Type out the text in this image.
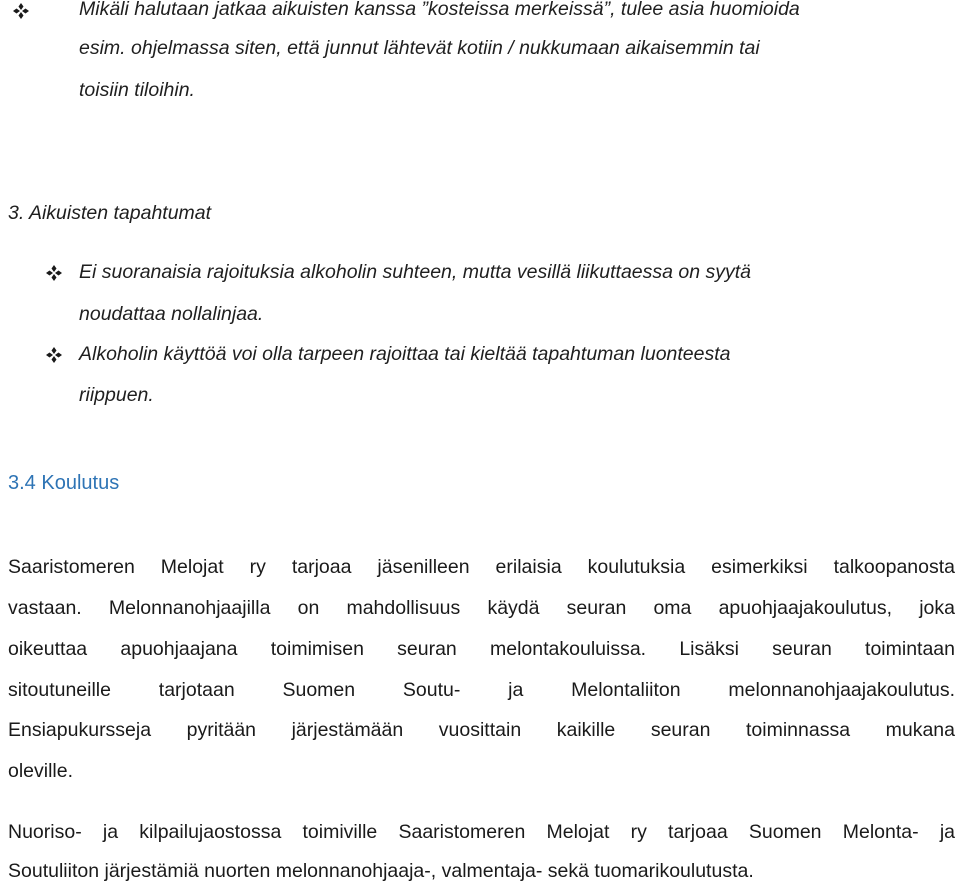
Mikäli halutaan jatkaa aikuisten kanssa ”kosteissa merkeissä”, tulee asia huomioida
esim. ohjelmassa siten, että junnut lähtevät kotiin / nukkumaan aikaisemmin tai
toisiin tiloihin.
3. Aikuisten tapahtumat
Ei suoranaisia rajoituksia alkoholin suhteen, mutta vesillä liikuttaessa on syytä
noudattaa nollalinjaa.
Alkoholin käyttöä voi olla tarpeen rajoittaa tai kieltää tapahtuman luonteesta
riippuen.
3.4 Koulutus
Saaristomeren Melojat ry tarjoaa jäsenilleen erilaisia koulutuksia esimerkiksi talkoopanosta
vastaan. Melonnanohjaajilla on mahdollisuus käydä seuran oma apuohjaajakoulutus, joka
oikeuttaa apuohjaajana toimimisen seuran melontakouluissa. Lisäksi seuran toimintaan
sitoutuneille tarjotaan Suomen Soutu- ja Melontaliiton melonnanohjaajakoulutus.
Ensiapukursseja pyritään järjestämään vuosittain kaikille seuran toiminnassa mukana
oleville.
Nuoriso- ja kilpailujaostossa toimiville Saaristomeren Melojat ry tarjoaa Suomen Melonta- ja
Soutuliiton järjestämiä nuorten melonnanohjaaja-, valmentaja- sekä tuomarikoulutusta.
